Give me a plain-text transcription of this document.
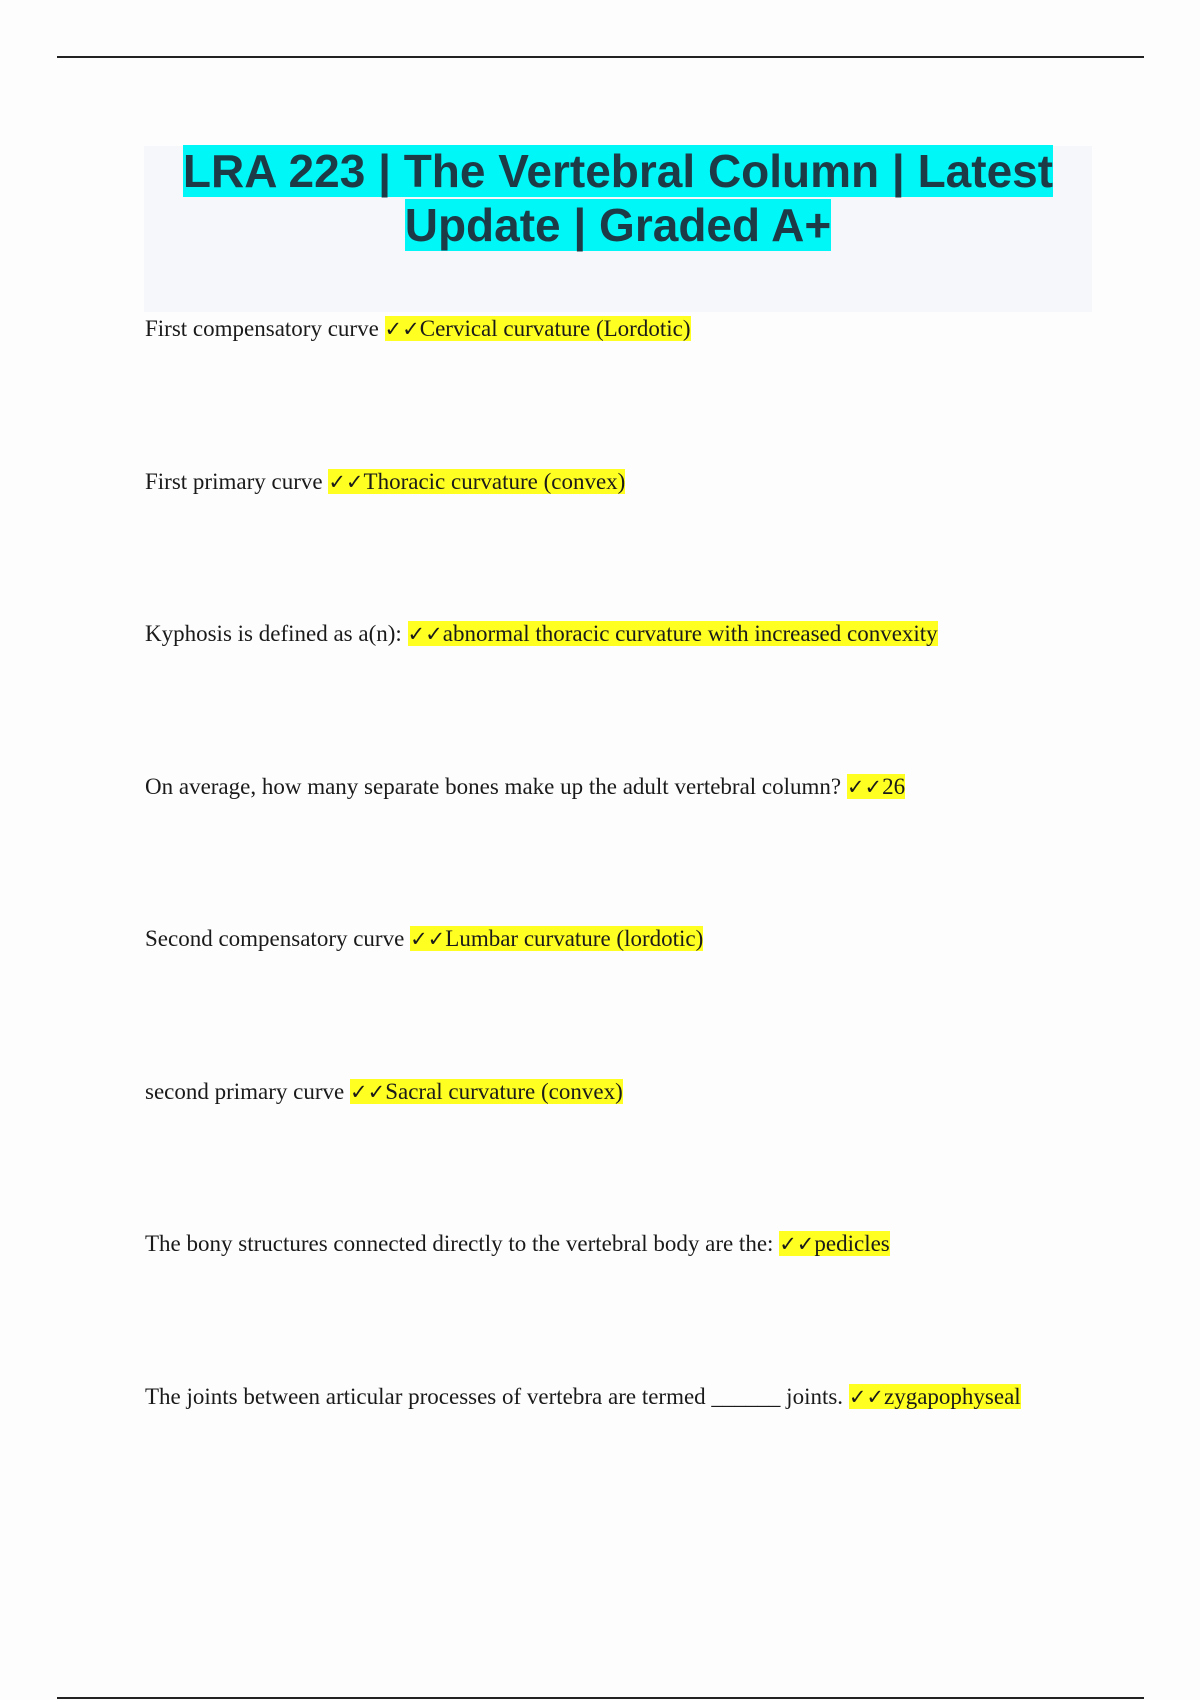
LRA 223 | The Vertebral Column | Latest Update | Graded A+

First compensatory curve ✓✓Cervical curvature (Lordotic)

First primary curve ✓✓Thoracic curvature (convex)

Kyphosis is defined as a(n): ✓✓abnormal thoracic curvature with increased convexity

On average, how many separate bones make up the adult vertebral column? ✓✓26

Second compensatory curve ✓✓Lumbar curvature (lordotic)

second primary curve ✓✓Sacral curvature (convex)

The bony structures connected directly to the vertebral body are the: ✓✓pedicles

The joints between articular processes of vertebra are termed ______ joints. ✓✓zygapophyseal
